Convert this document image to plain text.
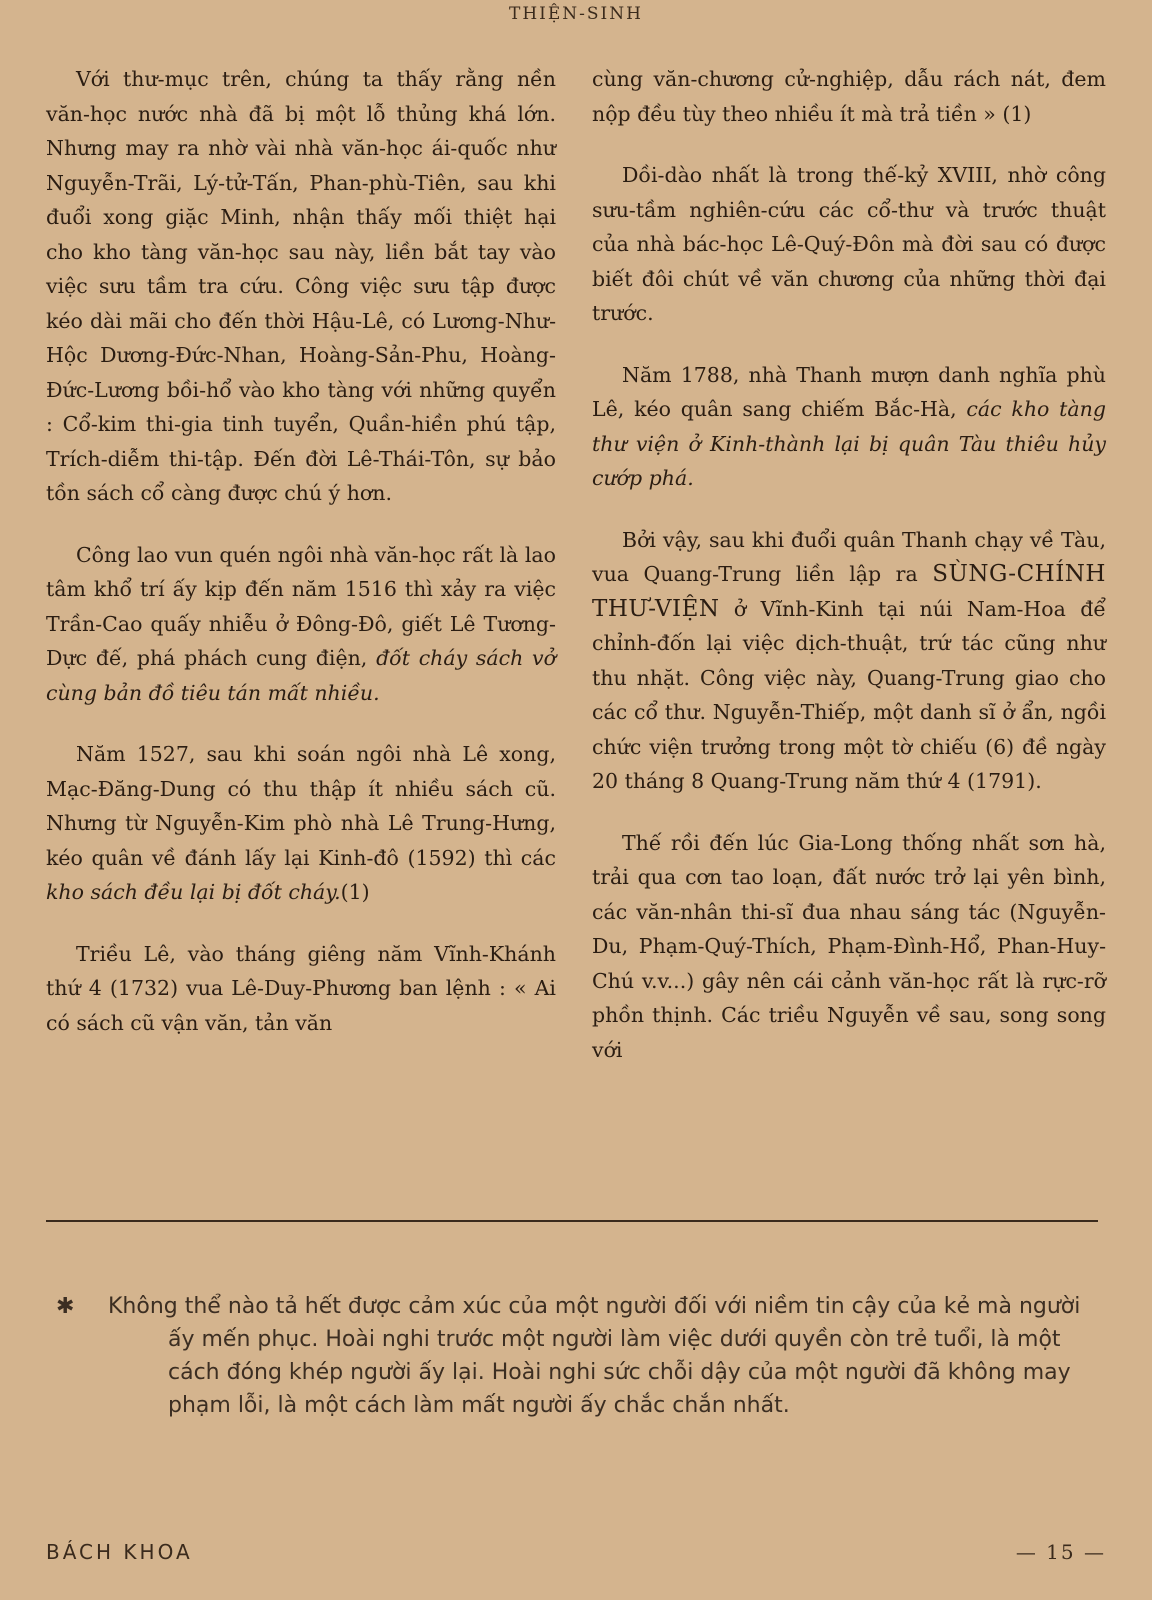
THIỆN-SINH

Với thư-mục trên, chúng ta thấy rằng nền văn-học nước nhà đã bị một lỗ thủng khá lớn. Nhưng may ra nhờ vài nhà văn-học ái-quốc như Nguyễn-Trãi, Lý-tử-Tấn, Phan-phù-Tiên, sau khi đuổi xong giặc Minh, nhận thấy mối thiệt hại cho kho tàng văn-học sau này, liền bắt tay vào việc sưu tầm tra cứu. Công việc sưu tập được kéo dài mãi cho đến thời Hậu-Lê, có Lương-Như-Hộc Dương-Đức-Nhan, Hoàng-Sản-Phu, Hoàng-Đức-Lương bồi-hổ vào kho tàng với những quyển : Cổ-kim thi-gia tinh tuyển, Quần-hiền phú tập, Trích-diễm thi-tập. Đến đời Lê-Thái-Tôn, sự bảo tồn sách cổ càng được chú ý hơn.

Công lao vun quén ngôi nhà văn-học rất là lao tâm khổ trí ấy kịp đến năm 1516 thì xảy ra việc Trần-Cao quấy nhiễu ở Đông-Đô, giết Lê Tương-Dực đế, phá phách cung điện, đốt cháy sách vở cùng bản đồ tiêu tán mất nhiều.

Năm 1527, sau khi soán ngôi nhà Lê xong, Mạc-Đăng-Dung có thu thập ít nhiều sách cũ. Nhưng từ Nguyễn-Kim phò nhà Lê Trung-Hưng, kéo quân về đánh lấy lại Kinh-đô (1592) thì các kho sách đều lại bị đốt cháy.(1)

Triều Lê, vào tháng giêng năm Vĩnh-Khánh thứ 4 (1732) vua Lê-Duy-Phương ban lệnh : « Ai có sách cũ vận văn, tản văn

cùng văn-chương cử-nghiệp, dẫu rách nát, đem nộp đều tùy theo nhiều ít mà trả tiền » (1)

Dồi-dào nhất là trong thế-kỷ XVIII, nhờ công sưu-tầm nghiên-cứu các cổ-thư và trước thuật của nhà bác-học Lê-Quý-Đôn mà đời sau có được biết đôi chút về văn chương của những thời đại trước.

Năm 1788, nhà Thanh mượn danh nghĩa phù Lê, kéo quân sang chiếm Bắc-Hà, các kho tàng thư viện ở Kinh-thành lại bị quân Tàu thiêu hủy cướp phá.

Bởi vậy, sau khi đuổi quân Thanh chạy về Tàu, vua Quang-Trung liền lập ra SÙNG-CHÍNH THƯ-VIỆN ở Vĩnh-Kinh tại núi Nam-Hoa để chỉnh-đốn lại việc dịch-thuật, trứ tác cũng như thu nhặt. Công việc này, Quang-Trung giao cho các cổ thư. Nguyễn-Thiếp, một danh sĩ ở ẩn, ngồi chức viện trưởng trong một tờ chiếu (6) đề ngày 20 tháng 8 Quang-Trung năm thứ 4 (1791).

Thế rồi đến lúc Gia-Long thống nhất sơn hà, trải qua cơn tao loạn, đất nước trở lại yên bình, các văn-nhân thi-sĩ đua nhau sáng tác (Nguyễn-Du, Phạm-Quý-Thích, Phạm-Đình-Hổ, Phan-Huy-Chú v.v...) gây nên cái cảnh văn-học rất là rực-rỡ phồn thịnh. Các triều Nguyễn về sau, song song với

✱	Không thể nào tả hết được cảm xúc của một người đối với niềm tin cậy của kẻ mà người ấy mến phục. Hoài nghi trước một người làm việc dưới quyền còn trẻ tuổi, là một cách đóng khép người ấy lại. Hoài nghi sức chỗi dậy của một người đã không may phạm lỗi, là một cách làm mất người ấy chắc chắn nhất.
BÁCH KHOA	— 15 —
